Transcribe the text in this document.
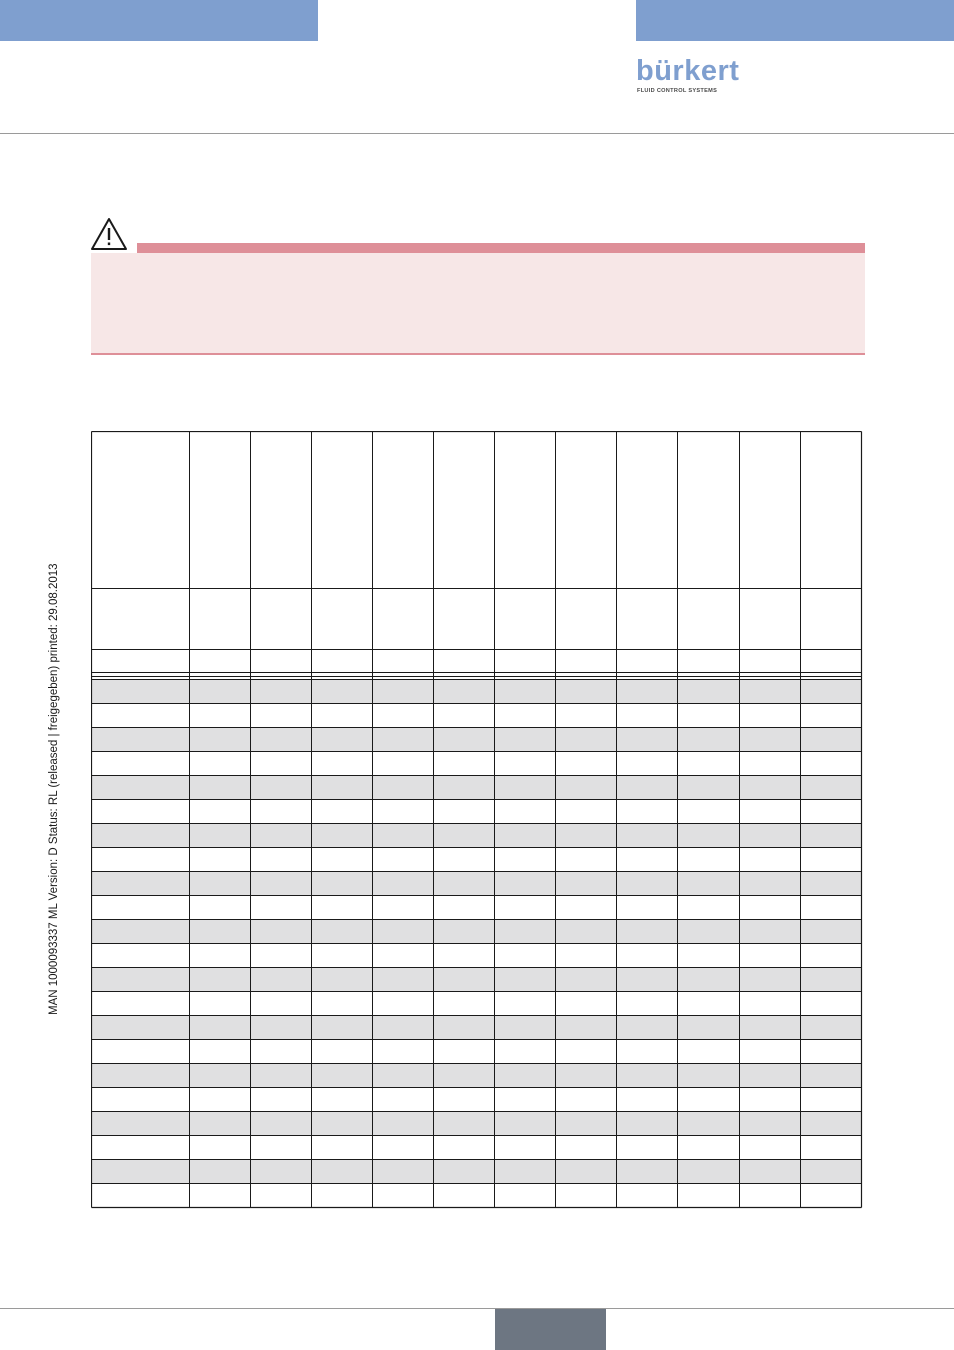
bürkert
FLUID CONTROL SYSTEMS
MAN 1000093337 ML Version: D Status: RL (released | freigegeben) printed: 29.08.2013
